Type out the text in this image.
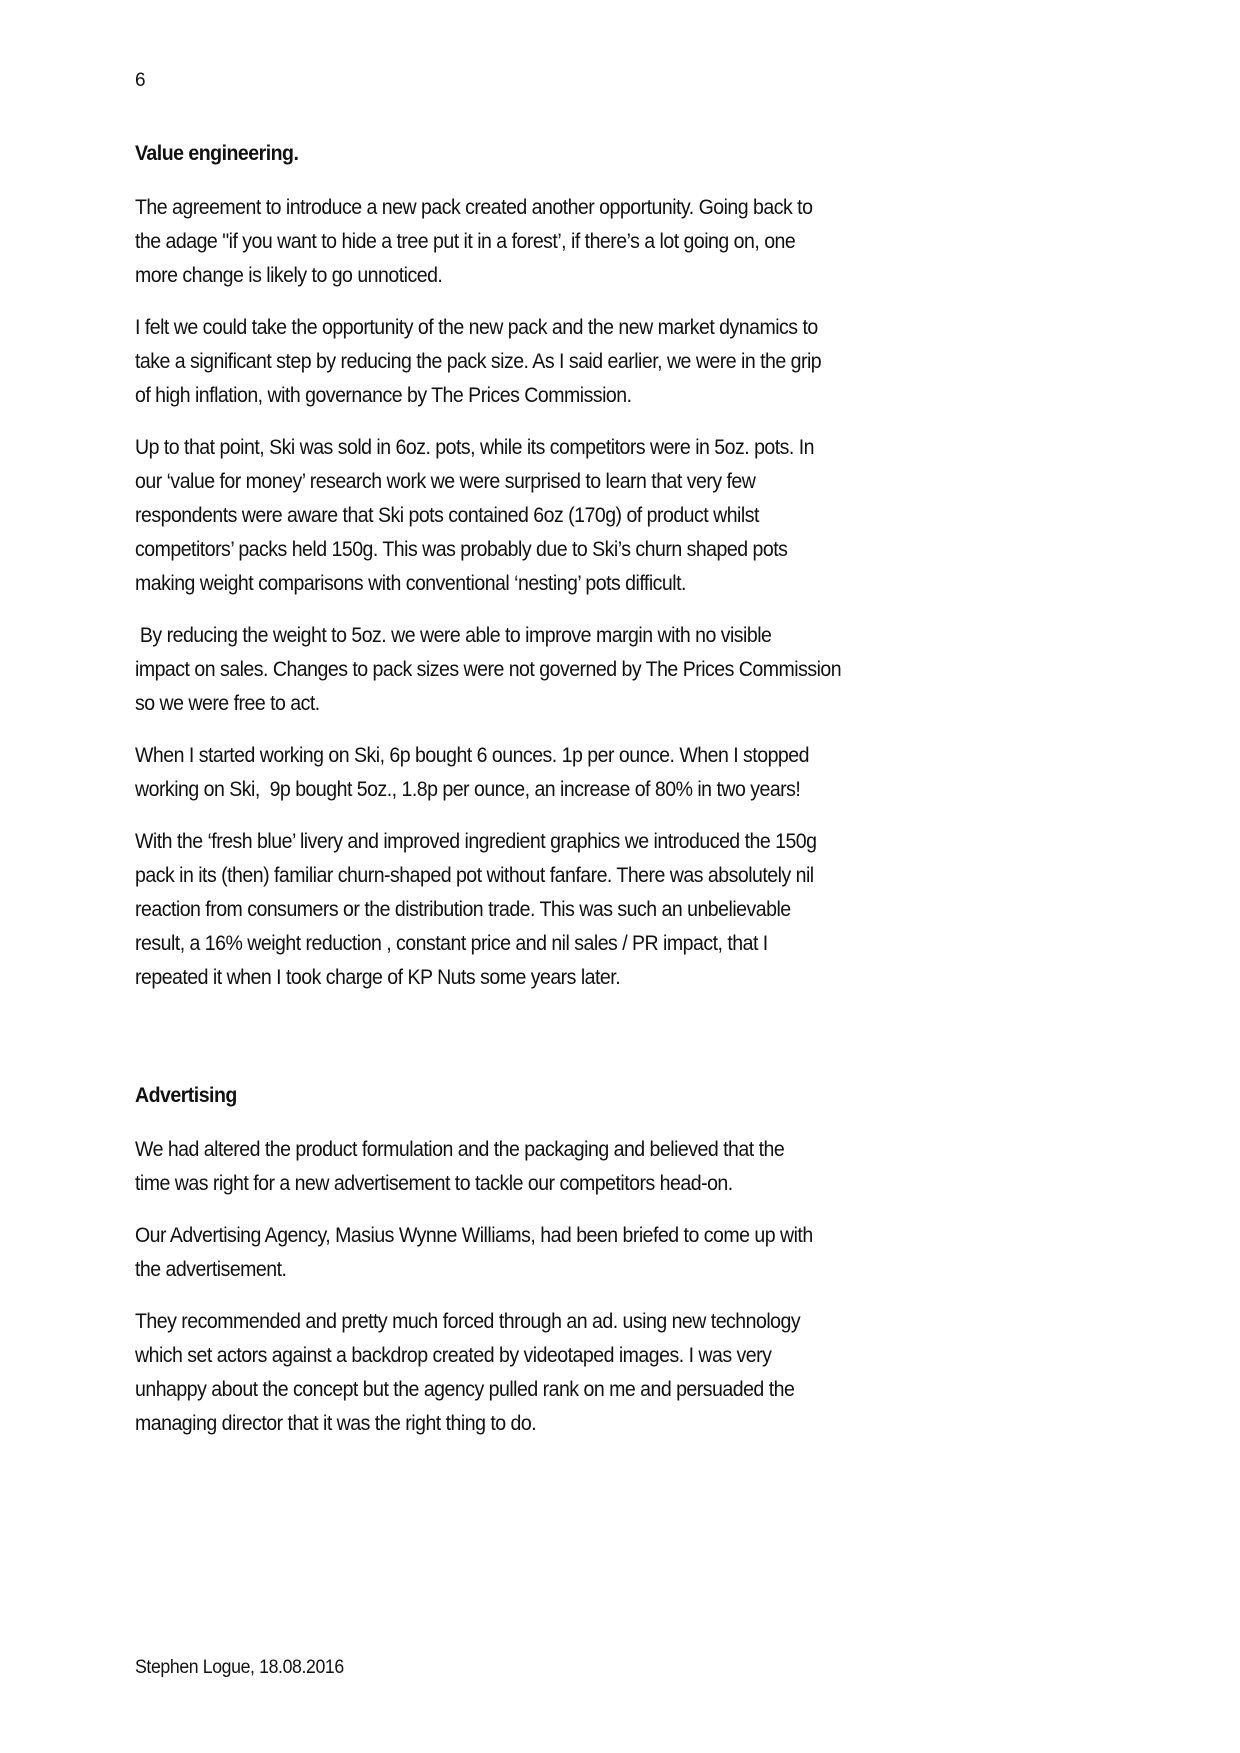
6
Value engineering.

The agreement to introduce a new pack created another opportunity. Going back to
the adage "if you want to hide a tree put it in a forest’, if there’s a lot going on, one
more change is likely to go unnoticed.

I felt we could take the opportunity of the new pack and the new market dynamics to
take a significant step by reducing the pack size. As I said earlier, we were in the grip
of high inflation, with governance by The Prices Commission.

Up to that point, Ski was sold in 6oz. pots, while its competitors were in 5oz. pots. In
our ‘value for money’ research work we were surprised to learn that very few
respondents were aware that Ski pots contained 6oz (170g) of product whilst
competitors’ packs held 150g. This was probably due to Ski’s churn shaped pots
making weight comparisons with conventional ‘nesting’ pots difficult.

By reducing the weight to 5oz. we were able to improve margin with no visible
impact on sales. Changes to pack sizes were not governed by The Prices Commission
so we were free to act.

When I started working on Ski, 6p bought 6 ounces. 1p per ounce. When I stopped
working on Ski,  9p bought 5oz., 1.8p per ounce, an increase of 80% in two years!

With the ‘fresh blue’ livery and improved ingredient graphics we introduced the 150g
pack in its (then) familiar churn-shaped pot without fanfare. There was absolutely nil
reaction from consumers or the distribution trade. This was such an unbelievable
result, a 16% weight reduction , constant price and nil sales / PR impact, that I
repeated it when I took charge of KP Nuts some years later.

Advertising

We had altered the product formulation and the packaging and believed that the
time was right for a new advertisement to tackle our competitors head-on.

Our Advertising Agency, Masius Wynne Williams, had been briefed to come up with
the advertisement.

They recommended and pretty much forced through an ad. using new technology
which set actors against a backdrop created by videotaped images. I was very
unhappy about the concept but the agency pulled rank on me and persuaded the
managing director that it was the right thing to do.

Stephen Logue, 18.08.2016
